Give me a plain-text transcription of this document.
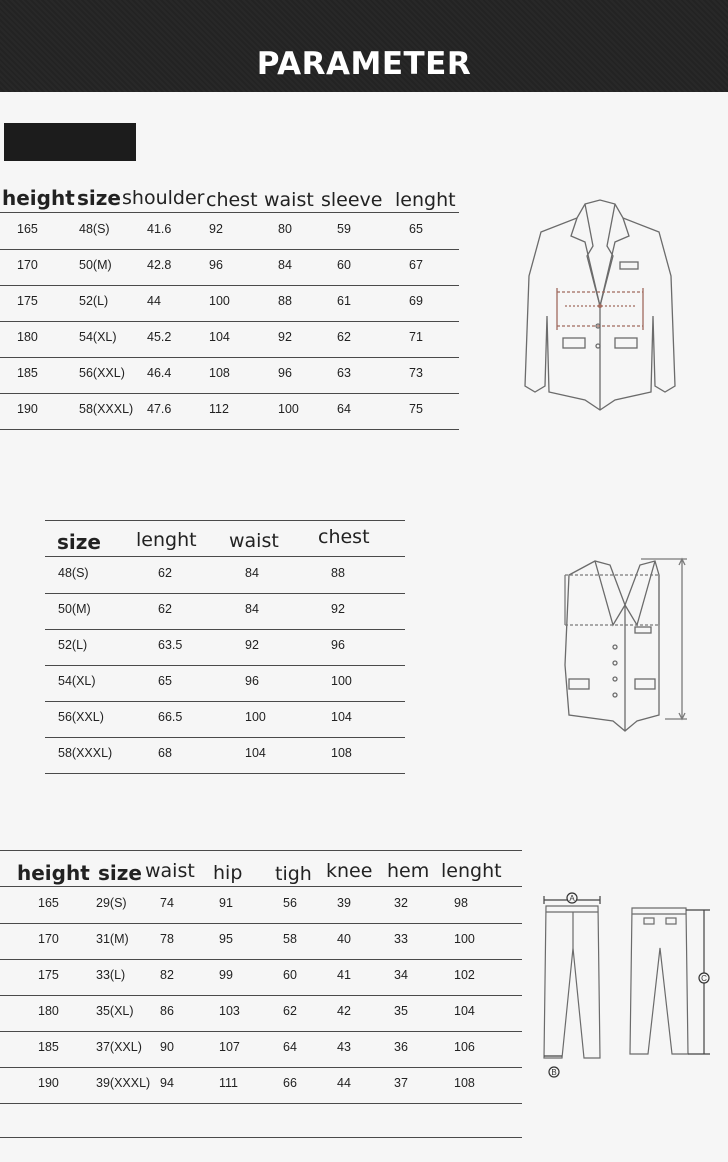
PARAMETER
height size shoulder chest waist sleeve lenght
165	48(S)	41.6	92	80	59	65
170	50(M)	42.8	96	84	60	67
175	52(L)	44	100	88	61	69
180	54(XL) 45.2	104	92	62	71
185	56(XXL) 46.4	108	96	63	73
190	58(XXXL) 47.6	112	100	64	75
size lenght waist chest
48(S)	62	84	88
50(M)	62	84	92
52(L)	63.5	92	96
54(XL)	65	96	100
56(XXL)	66.5	100	104
58(XXXL)	68	104	108
height size waist hip tigh knee hem lenght
165	29(S)	74	91	56	39	32	98
170	31(M)	78	95	58	40	33	100
175	33(L)	82	99	60	41	34	102
180	35(XL) 86	103	62	42	35	104
185	37(XXL) 90	107	64	43	36	106
190	39(XXXL) 94	111	66	44	37	108
A
B
C
